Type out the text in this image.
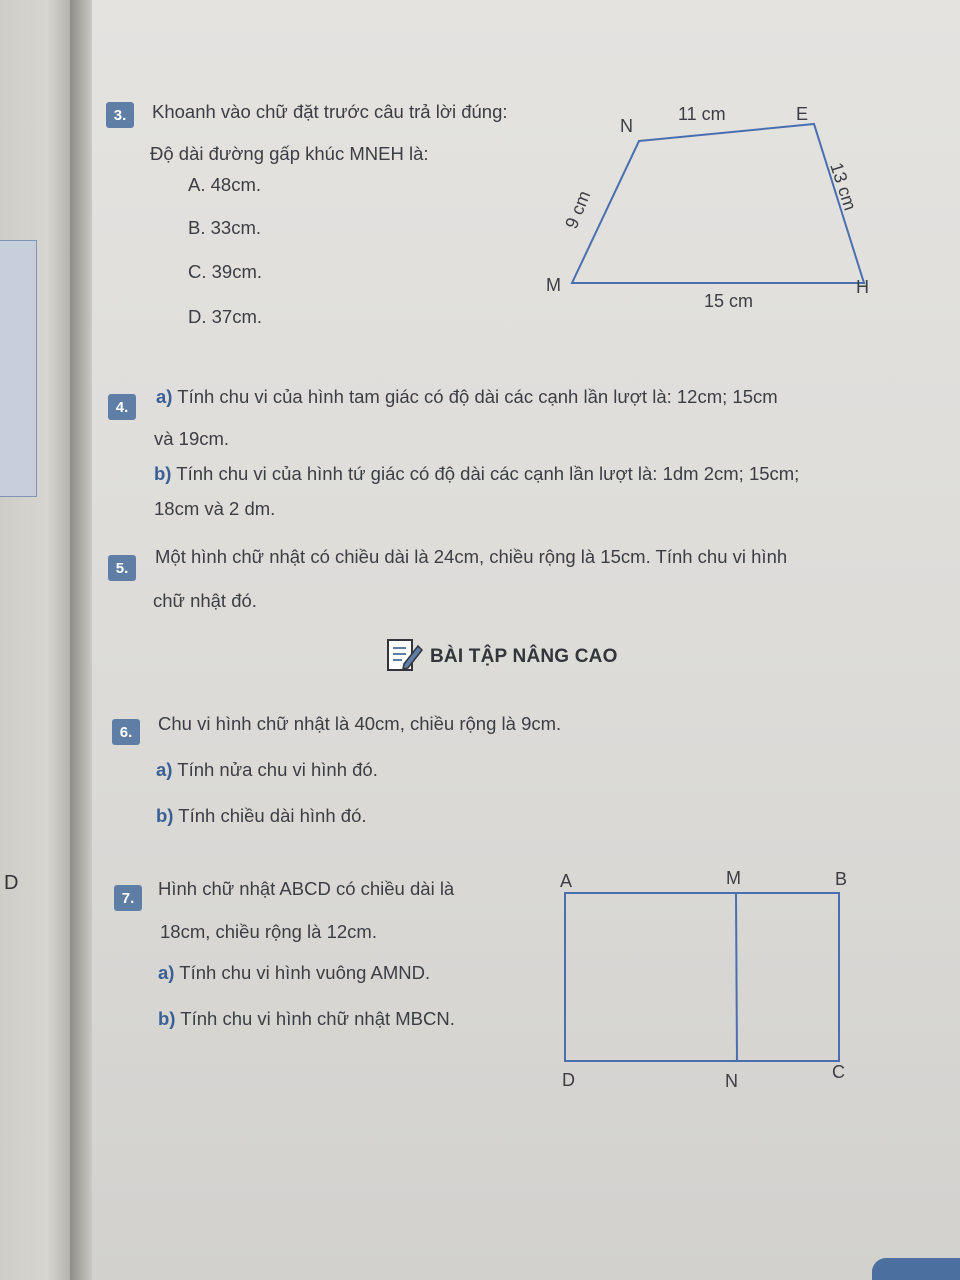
D
3.	Khoanh vào chữ đặt trước câu trả lời đúng:
Độ dài đường gấp khúc MNEH là:
A. 48cm.
B. 33cm.
C. 39cm.
D. 37cm.
N
E
M	H
11 cm
15 cm
9 cm	13 cm
4.	a) Tính chu vi của hình tam giác có độ dài các cạnh lần lượt là: 12cm; 15cm
và 19cm.
b) Tính chu vi của hình tứ giác có độ dài các cạnh lần lượt là: 1dm 2cm; 15cm;
18cm và 2 dm.
5.
Một hình chữ nhật có chiều dài là 24cm, chiều rộng là 15cm. Tính chu vi hình
chữ nhật đó.
BÀI TẬP NÂNG CAO
6.	Chu vi hình chữ nhật là 40cm, chiều rộng là 9cm.
a) Tính nửa chu vi hình đó.
b) Tính chiều dài hình đó.
7.	Hình chữ nhật ABCD có chiều dài là
18cm, chiều rộng là 12cm.
a) Tính chu vi hình vuông AMND.
b) Tính chu vi hình chữ nhật MBCN.
A	M	B
D	N	C
